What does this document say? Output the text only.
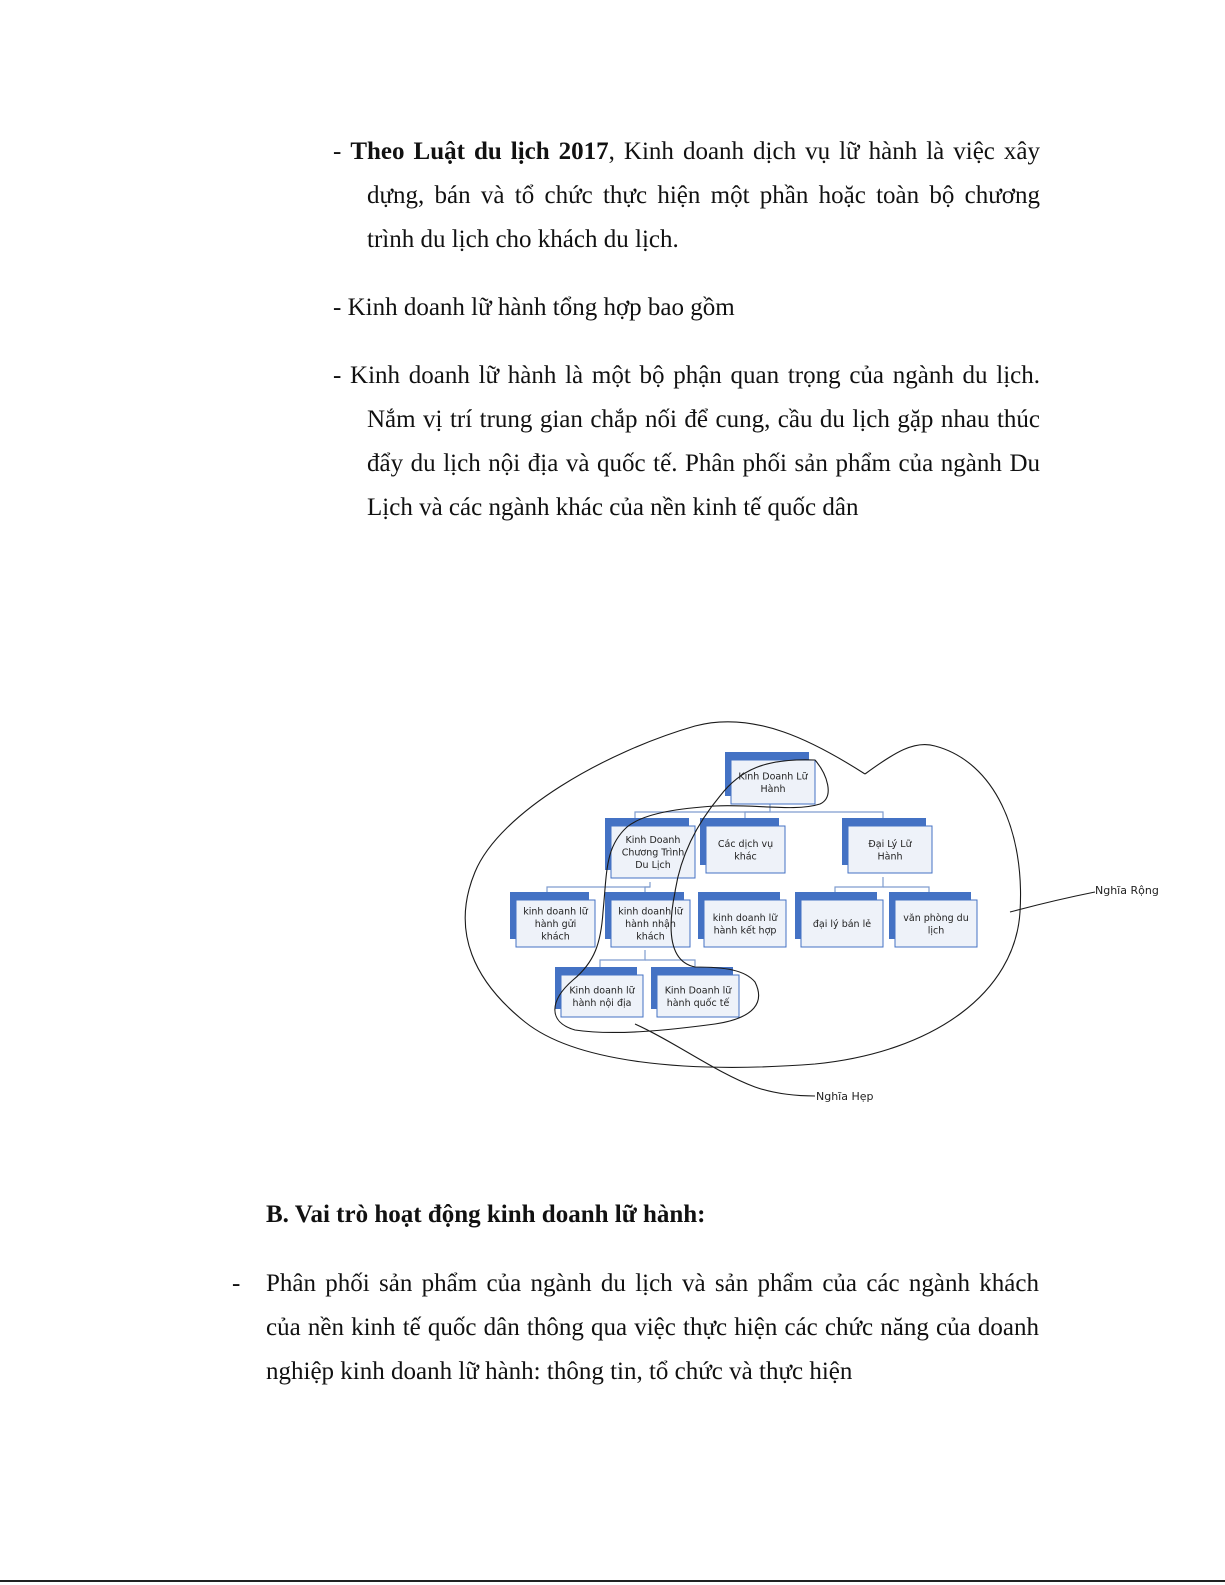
- Theo Luật du lịch 2017, Kinh doanh dịch vụ lữ hành là việc xây
dựng, bán và tổ chức thực hiện một phần hoặc toàn bộ chương
trình du lịch cho khách du lịch.
- Kinh doanh lữ hành tổng hợp bao gồm
- Kinh doanh lữ hành là một bộ phận quan trọng của ngành du lịch.
Nắm vị trí trung gian chắp nối để cung, cầu du lịch gặp nhau thúc
đẩy du lịch nội địa và quốc tế. Phân phối sản phẩm của ngành Du
Lịch và các ngành khác của nền kinh tế quốc dân
Kinh Doanh Lữ
Hành
Kinh Doanh
Chương Trình
Du Lịch
Các dịch vụ
khác
Đại Lý Lữ
Hành
kinh doanh lữ
hành gửi
khách
kinh doanh lữ
hành nhận
khách
kinh doanh lữ
hành kết hợp
đại lý bán lẻ
văn phòng du
lịch
Kinh doanh lữ
hành nội địa
Kinh Doanh lữ
hành quốc tế
Nghĩa Rộng
Nghĩa Hẹp
B. Vai trò hoạt động kinh doanh lữ hành:
- Phân phối sản phẩm của ngành du lịch và sản phẩm của các ngành khách
của nền kinh tế quốc dân thông qua việc thực hiện các chức năng của doanh
nghiệp kinh doanh lữ hành: thông tin, tổ chức và thực hiện
